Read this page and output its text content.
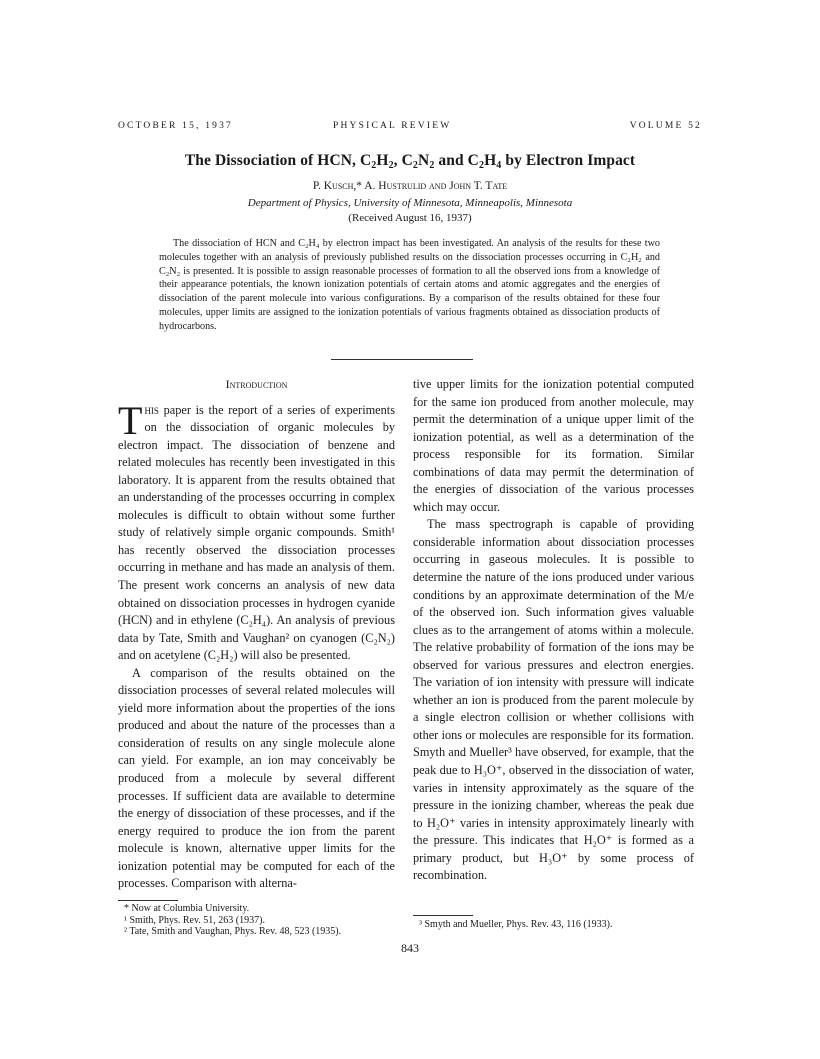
OCTOBER 15, 1937	PHYSICAL REVIEW	VOLUME 52
The Dissociation of HCN, $C_2H_2$, $C_2N_2$ and $C_2H_4$ by Electron Impact
P. Kusch,* A. Hustrulid and John T. Tate
Department of Physics, University of Minnesota, Minneapolis, Minnesota
(Received August 16, 1937)

The dissociation of HCN and C₂H₄ by electron impact has been investigated. An analysis of the results for these two molecules together with an analysis of previously published results on the dissociation processes occurring in C₂H₂ and C₂N₂ is presented. It is possible to assign reasonable processes of formation to all the observed ions from a knowledge of their appearance potentials, the known ionization potentials of certain atoms and atomic aggregates and the energies of dissociation of the parent molecule into various configurations. By a comparison of the results obtained for these four molecules, upper limits are assigned to the ionization potentials of various fragments obtained as dissociation products of hydrocarbons.

Introduction

This paper is the report of a series of experiments on the dissociation of organic molecules by electron impact. The dissociation of benzene and related molecules has recently been investigated in this laboratory. It is apparent from the results obtained that an understanding of the processes occurring in complex molecules is difficult to obtain without some further study of relatively simple organic compounds. Smith¹ has recently observed the dissociation processes occurring in methane and has made an analysis of them. The present work concerns an analysis of new data obtained on dissociation processes in hydrogen cyanide (HCN) and in ethylene (C₂H₄). An analysis of previous data by Tate, Smith and Vaughan² on cyanogen (C₂N₂) and on acetylene (C₂H₂) will also be presented.

A comparison of the results obtained on the dissociation processes of several related molecules will yield more information about the properties of the ions produced and about the nature of the processes than a consideration of results on any single molecule alone can yield. For example, an ion may conceivably be produced from a molecule by several different processes. If sufficient data are available to determine the energy of dissociation of these processes, and if the energy required to produce the ion from the parent molecule is known, alternative upper limits for the ionization potential may be computed for each of the processes. Comparison with alterna-

tive upper limits for the ionization potential computed for the same ion produced from another molecule, may permit the determination of a unique upper limit of the ionization potential, as well as a determination of the process responsible for its formation. Similar combinations of data may permit the determination of the energies of dissociation of the various processes which may occur.

The mass spectrograph is capable of providing considerable information about dissociation processes occurring in gaseous molecules. It is possible to determine the nature of the ions produced under various conditions by an approximate determination of the M/e of the observed ion. Such information gives valuable clues as to the arrangement of atoms within a molecule. The relative probability of formation of the ions may be observed for various pressures and electron energies. The variation of ion intensity with pressure will indicate whether an ion is produced from the parent molecule by a single electron collision or whether collisions with other ions or molecules are responsible for its formation. Smyth and Mueller³ have observed, for example, that the peak due to H₃O⁺, observed in the dissociation of water, varies in intensity approximately as the square of the pressure in the ionizing chamber, whereas the peak due to H₂O⁺ varies in intensity approximately linearly with the pressure. This indicates that H₂O⁺ is formed as a primary product, but H₃O⁺ by some process of recombination.

* Now at Columbia University.
¹ Smith, Phys. Rev. 51, 263 (1937).
² Tate, Smith and Vaughan, Phys. Rev. 48, 523 (1935).
³ Smyth and Mueller, Phys. Rev. 43, 116 (1933).
843
